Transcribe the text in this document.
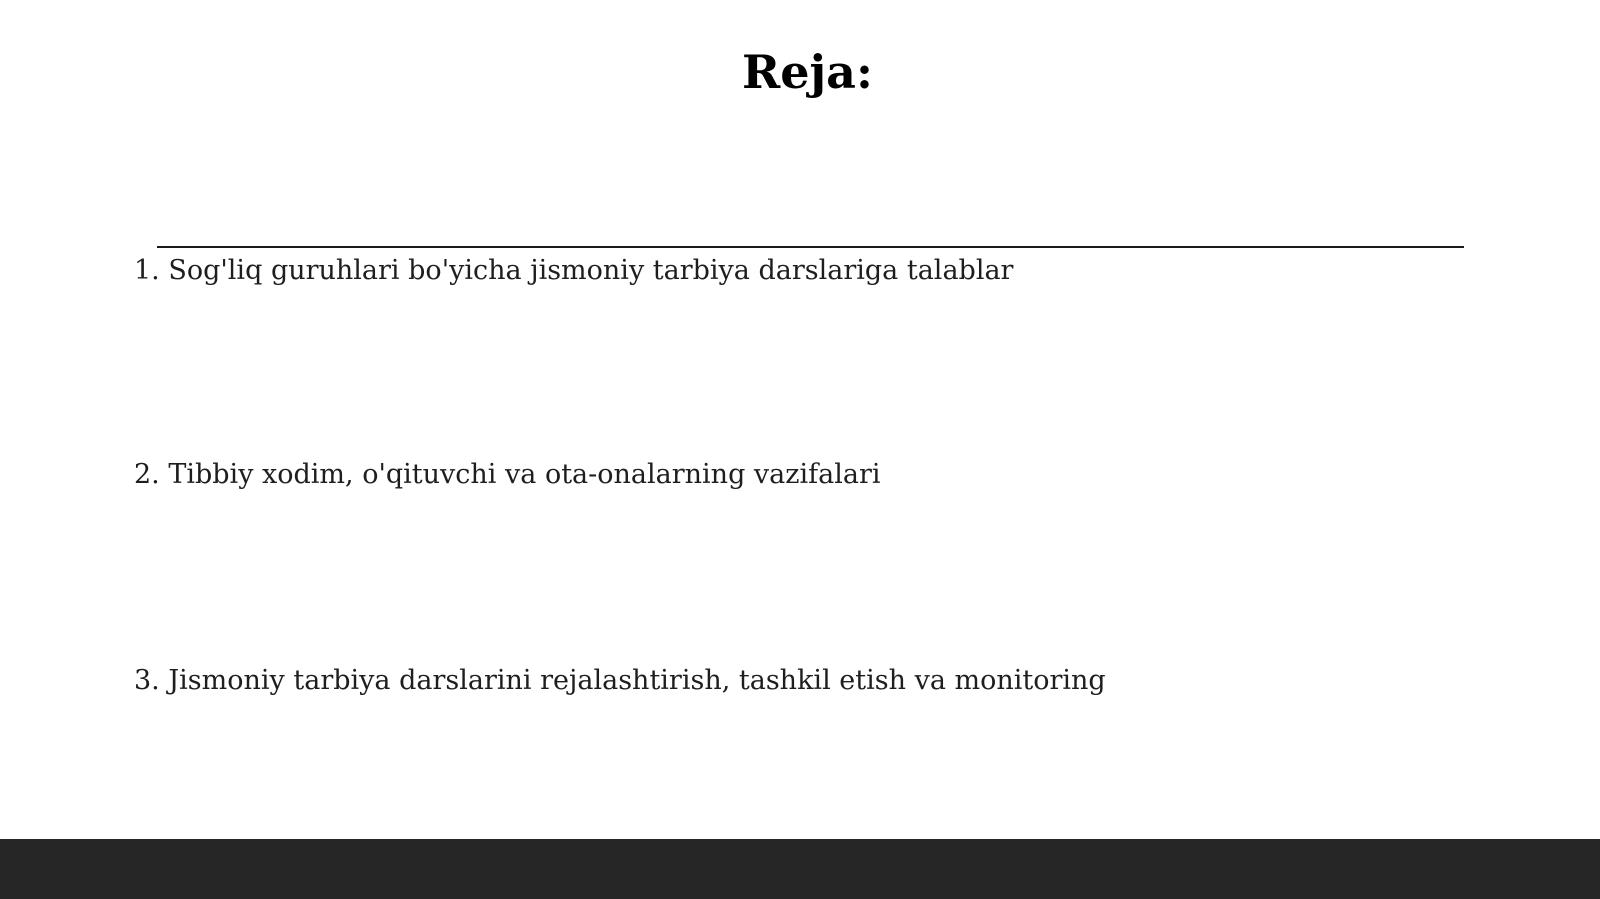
Reja:
1. Sog'liq guruhlari bo'yicha jismoniy tarbiya darslariga talablar
2. Tibbiy xodim, o'qituvchi va ota-onalarning vazifalari
3. Jismoniy tarbiya darslarini rejalashtirish, tashkil etish va monitoring
